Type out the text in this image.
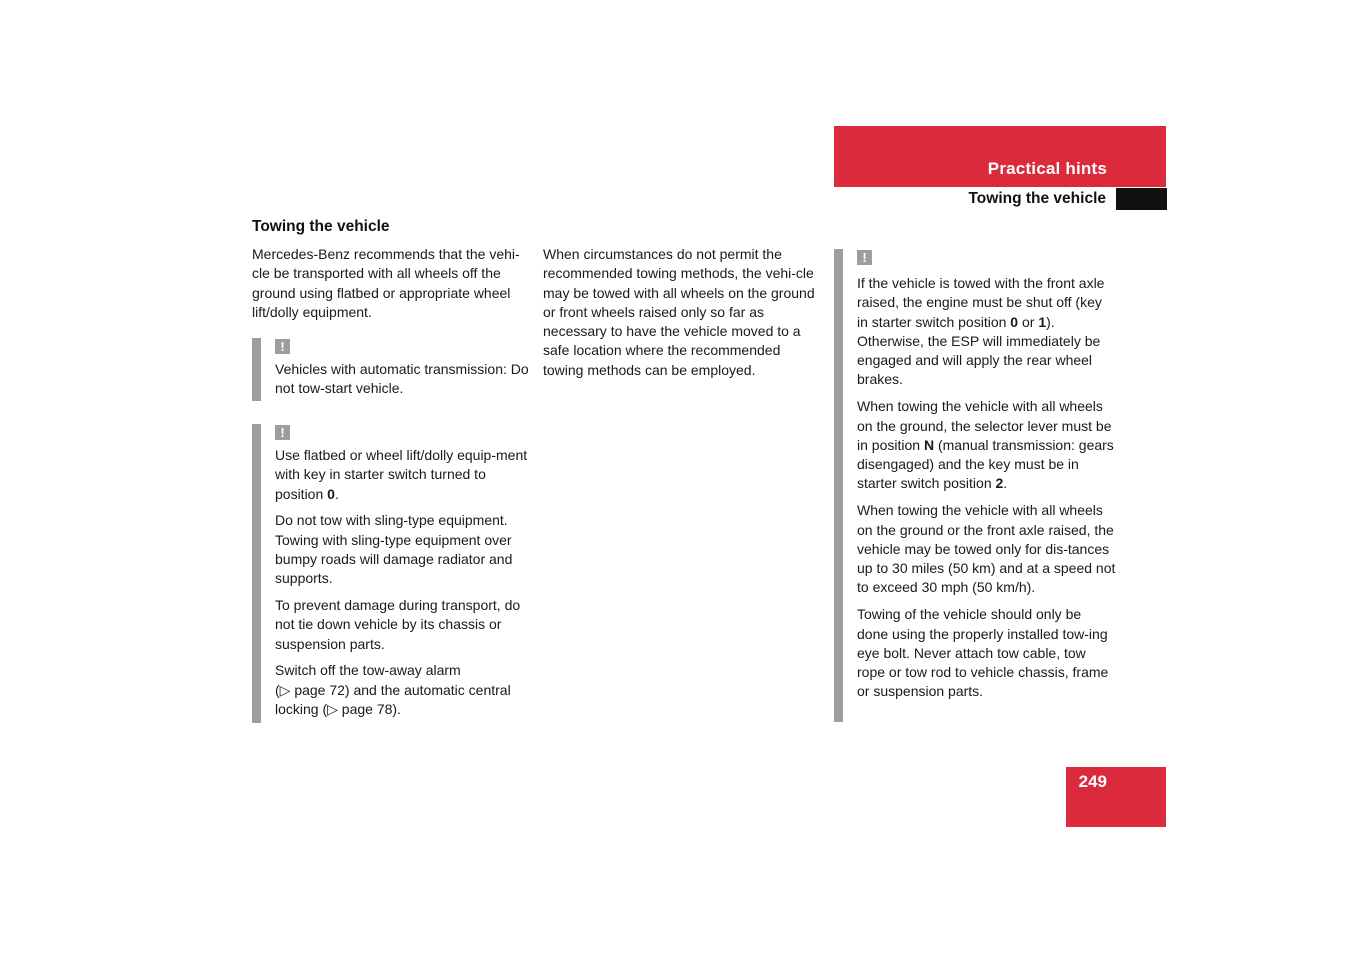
Practical hints
Towing the vehicle
Towing the vehicle

Mercedes-Benz recommends that the vehi-cle be transported with all wheels off the ground using flatbed or appropriate wheel lift/dolly equipment.

!

Vehicles with automatic transmission: Do not tow-start vehicle.

!

Use flatbed or wheel lift/dolly equip-ment with key in starter switch turned to position 0.

Do not tow with sling-type equipment. Towing with sling-type equipment over bumpy roads will damage radiator and supports.

To prevent damage during transport, do not tie down vehicle by its chassis or suspension parts.

Switch off the tow-away alarm
(▷ page 72) and the automatic central locking (▷ page 78).

When circumstances do not permit the recommended towing methods, the vehi-cle may be towed with all wheels on the ground or front wheels raised only so far as necessary to have the vehicle moved to a safe location where the recommended towing methods can be employed.

!

If the vehicle is towed with the front axle raised, the engine must be shut off (key in starter switch position 0 or 1). Otherwise, the ESP will immediately be engaged and will apply the rear wheel brakes.

When towing the vehicle with all wheels on the ground, the selector lever must be in position N (manual transmission: gears disengaged) and the key must be in starter switch position 2.

When towing the vehicle with all wheels on the ground or the front axle raised, the vehicle may be towed only for dis-tances up to 30 miles (50 km) and at a speed not to exceed 30 mph (50 km/h).

Towing of the vehicle should only be done using the properly installed tow-ing eye bolt. Never attach tow cable, tow rope or tow rod to vehicle chassis, frame or suspension parts.

249
